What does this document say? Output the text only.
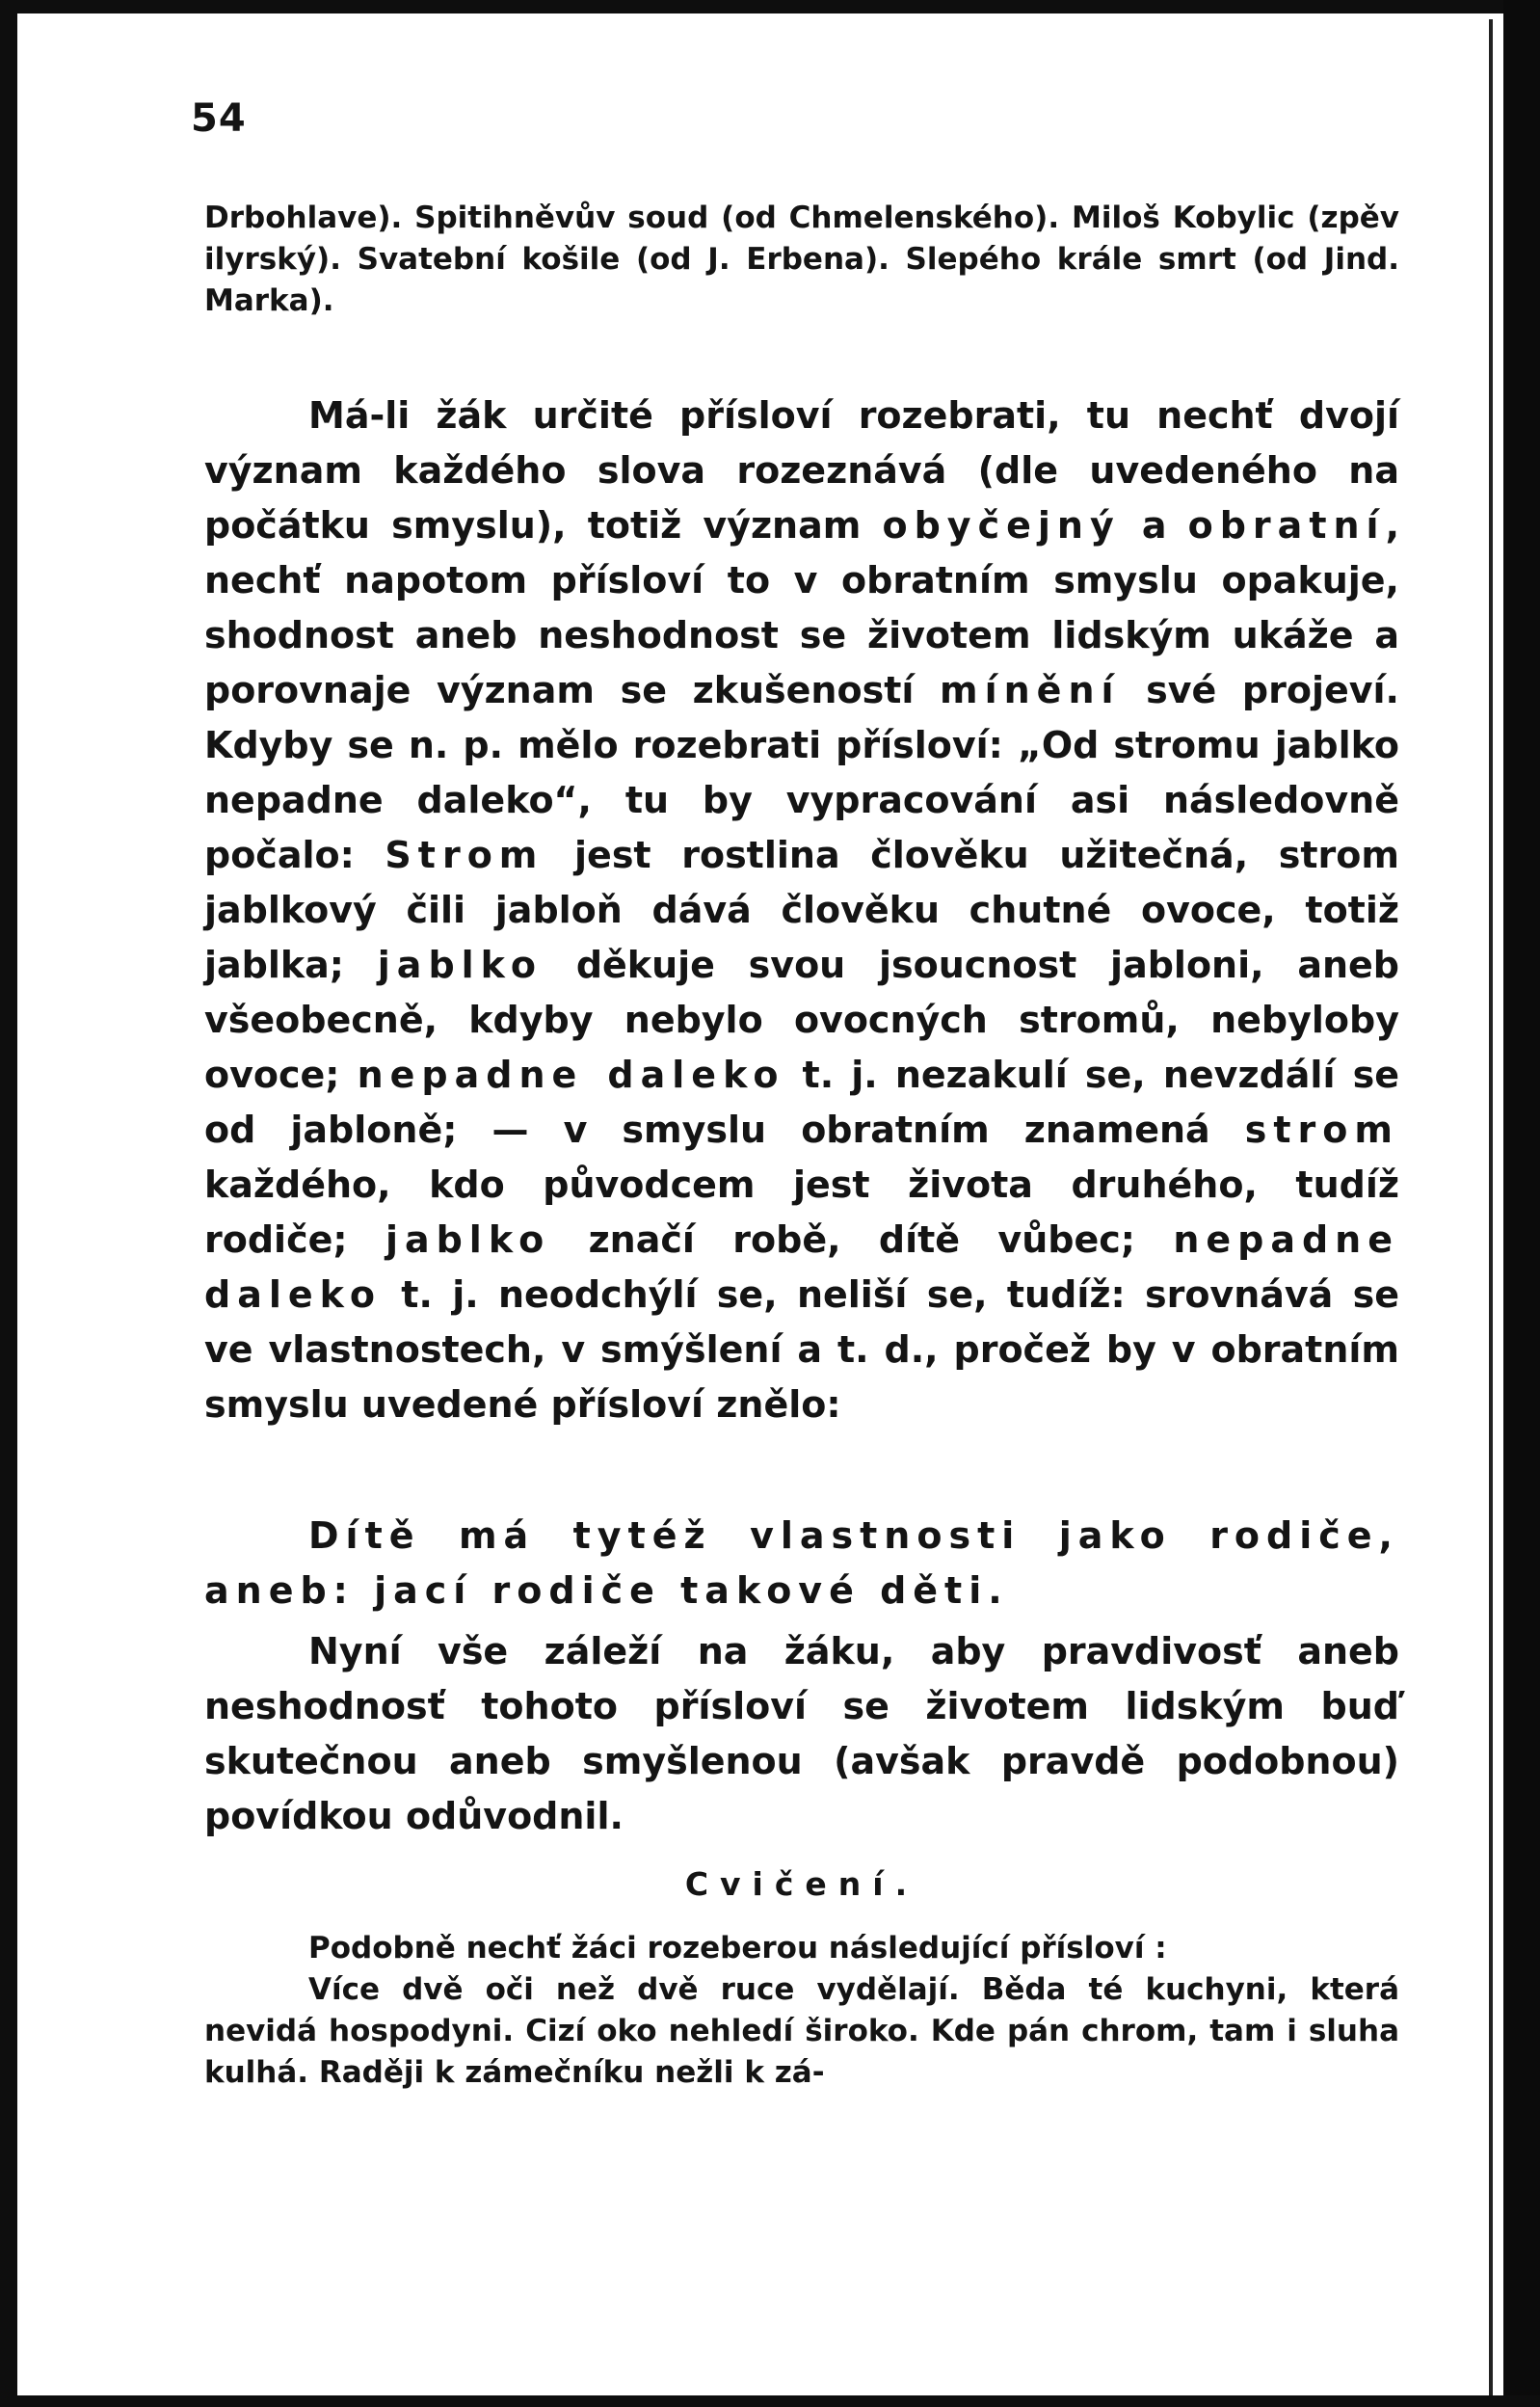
54

Drbohlave). Spitihněvův soud (od Chmelenského). Miloš Kobylic (zpěv ilyrský). Svatební košile (od J. Erbena). Slepého krále smrt (od Jind. Marka).

Má-li žák určité přísloví rozebrati, tu nechť dvojí význam každého slova rozeznává (dle uvedeného na počátku smyslu), totiž význam obyčejný a obratní, nechť napotom přísloví to v obratním smyslu opakuje, shodnost aneb neshodnost se životem lidským ukáže a porovnaje význam se zkušeností mínění své projeví. Kdyby se n. p. mělo rozebrati přísloví: „Od stromu jablko nepadne daleko“, tu by vypracování asi následovně počalo: Strom jest rostlina člověku užitečná, strom jablkový čili jabloň dává člověku chutné ovoce, totiž jablka; jablko děkuje svou jsoucnost jabloni, aneb všeobecně, kdyby nebylo ovocných stromů, nebyloby ovoce; nepadne daleko t. j. nezakulí se, nevzdálí se od jabloně; — v smyslu obratním znamená strom každého, kdo původcem jest života druhého, tudíž rodiče; jablko značí robě, dítě vůbec; nepadne daleko t. j. neodchýlí se, neliší se, tudíž: srovnává se ve vlastnostech, v smýšlení a t. d., pročež by v obratním smyslu uvedené přísloví znělo:

Dítě má tytéž vlastnosti jako rodiče, aneb: jací rodiče takové děti.

Nyní vše záleží na žáku, aby pravdivosť aneb neshodnosť tohoto přísloví se životem lidským buď skutečnou aneb smyšlenou (avšak pravdě podobnou) povídkou odůvodnil.

Cvičení.

Podobně nechť žáci rozeberou následující přísloví :

Více dvě oči než dvě ruce vydělají. Běda té kuchyni, která nevidá hospodyni. Cizí oko nehledí široko. Kde pán chrom, tam i sluha kulhá. Raději k zámečníku nežli k zá-
